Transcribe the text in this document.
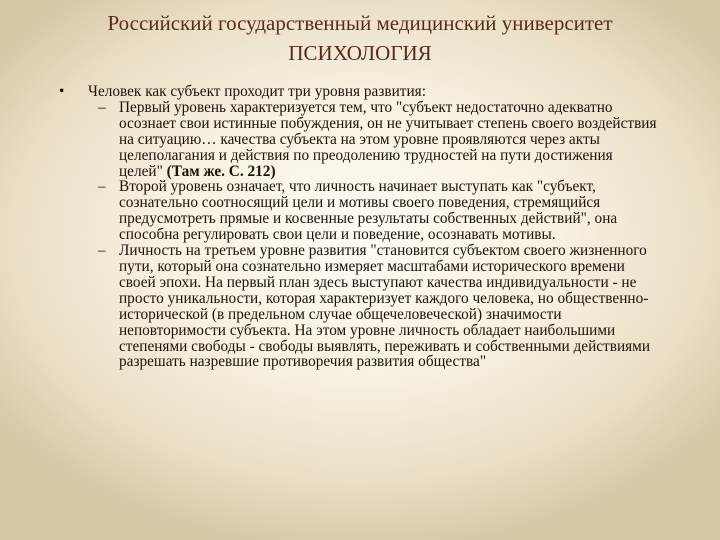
Российский государственный медицинский университет
ПСИХОЛОГИЯ
• Человек как субъект проходит три уровня развития:
– Первый уровень характеризуется тем, что "субъект недостаточно адекватно осознает свои истинные побуждения, он не учитывает степень своего воздействия на ситуацию… качества субъекта на этом уровне проявляются через акты целеполагания и действия по преодолению трудностей на пути достижения целей" (Там же. С. 212)
– Второй уровень означает, что личность начинает выступать как "субъект, сознательно соотносящий цели и мотивы своего поведения, стремящийся предусмотреть прямые и косвенные результаты собственных действий", она способна регулировать свои цели и поведение, осознавать мотивы.
– Личность на третьем уровне развития "становится субъектом своего жизненного пути, который она сознательно измеряет масштабами исторического времени своей эпохи. На первый план здесь выступают качества индивидуальности - не просто уникальности, которая характеризует каждого человека, но общественно-исторической (в предельном случае общечеловеческой) значимости неповторимости субъекта. На этом уровне личность обладает наибольшими степенями свободы - свободы выявлять, переживать и собственными действиями разрешать назревшие противоречия развития общества"
